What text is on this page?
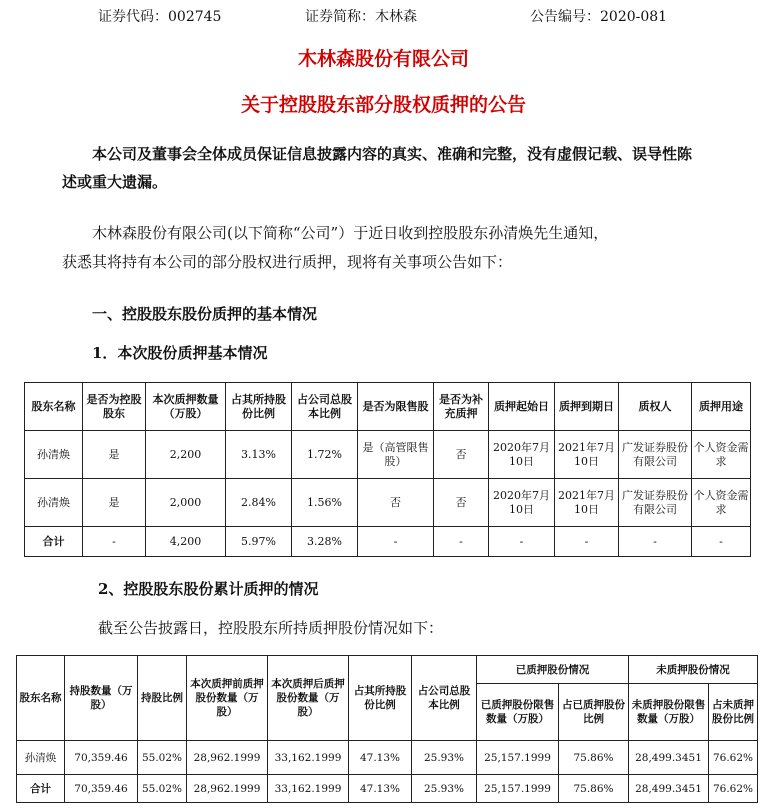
证券代码：002745	证券简称：木林森	公告编号：2020-081
木林森股份有限公司
关于控股股东部分股权质押的公告
本公司及董事会全体成员保证信息披露内容的真实、准确和完整，没有虚假记载、误导性陈述或重大遗漏。
木林森股份有限公司(以下简称“公司”）于近日收到控股股东孙清焕先生通知，
获悉其将持有本公司的部分股权进行质押，现将有关事项公告如下：
一、控股股东股份质押的基本情况
1．本次股份质押基本情况
股东名称	是否为控股股东	本次质押数量（万股）	占其所持股份比例	占公司总股本比例	是否为限售股	是否为补充质押	质押起始日	质押到期日	质权人	质押用途
孙清焕	是	2,200	3.13%	1.72%	是（高管限售股）	否	2020年7月10日	2021年7月10日	广发证券股份有限公司	个人资金需求
孙清焕	是	2,000	2.84%	1.56%	否	否	2020年7月10日	2021年7月10日	广发证券股份有限公司	个人资金需求
合计	-	4,200	5.97%	3.28%	-	-	-	-	-	-
2、控股股东股份累计质押的情况
截至公告披露日，控股股东所持质押股份情况如下：
股东名称	持股数量（万股）	持股比例	本次质押前质押股份数量（万股）	本次质押后质押股份数量（万股）	占其所持股份比例	占公司总股本比例	已质押股份情况		未质押股份情况	
							已质押股份限售数量（万股）	占已质押股份比例	未质押股份限售数量（万股）	占未质押股份比例
孙清焕	70,359.46	55.02%	28,962.1999	33,162.1999	47.13%	25.93%	25,157.1999	75.86%	28,499.3451	76.62%
合计	70,359.46	55.02%	28,962.1999	33,162.1999	47.13%	25.93%	25,157.1999	75.86%	28,499.3451	76.62%
